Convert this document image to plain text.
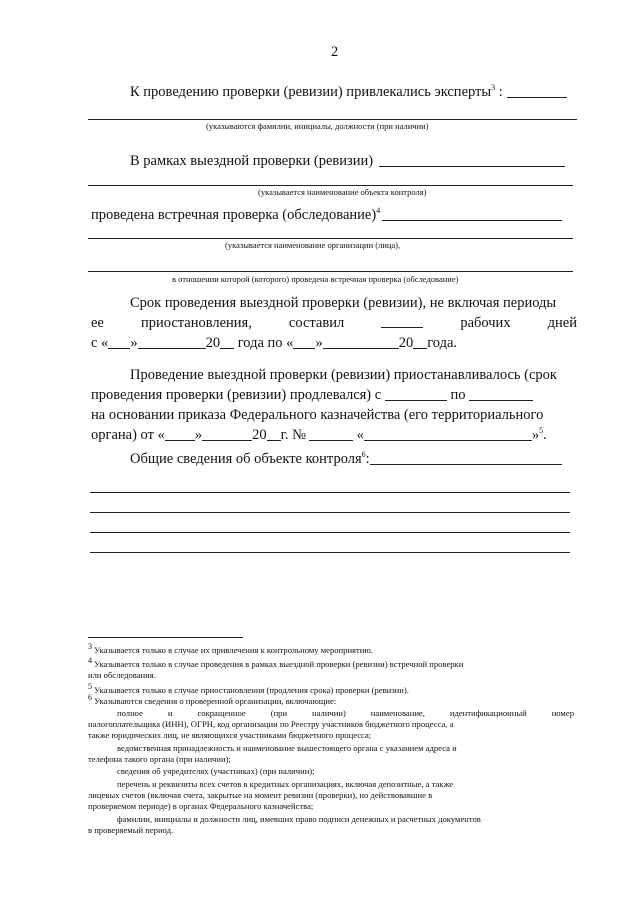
2
К проведению проверки (ревизии) привлекались эксперты$^3$ :
(указываются фамилии, инициалы, должности (при наличии)
В рамках выездной проверки (ревизии)
(указывается наименование объекта контроля)
проведена встречная проверка (обследование)$^4$
(указывается наименование организации (лица),
в отношении которой (которого) проведена встречная проверка (обследование)
Срок проведения выездной проверки (ревизии), не включая периоды
ее	приостановления,	составил	рабочих	дней
с « »	20 года по « »	20 года.
Проведение выездной проверки (ревизии) приостанавливалось (срок
проведения проверки (ревизии) продлевался) с	по
на основании приказа Федерального казначейства (его территориального
органа) от « »	20 г. №	«	»$^5$.
Общие сведения об объекте контроля$^6$:
$^3$ Указывается только в случае их привлечения к контрольному мероприятию.
$^4$ Указывается только в случае проведения в рамках выездной проверки (ревизии) встречной проверки
или обследования.
$^5$ Указывается только в случае приостановления (продления срока) проверки (ревизии).
$^6$ Указываются сведения о проверенной организации, включающие:
полное	и	сокращенное	(при	наличии)	наименование,	идентификационный	номер
налогоплательщика (ИНН), ОГРН, код организации по Реестру участников бюджетного процесса, а
также юридических лиц, не являющихся участниками бюджетного процесса;
ведомственная принадлежность и наименование вышестоящего органа с указанием адреса и
телефона такого органа (при наличии);
сведения об учредителях (участниках) (при наличии);
перечень и реквизиты всех счетов в кредитных организациях, включая депозитные, а также
лицевых счетов (включая счета, закрытые на момент ревизии (проверки), но действовавшие в
проверяемом периоде) в органах Федерального казначейства;
фамилии, инициалы и должности лиц, имевших право подписи денежных и расчетных документов
в проверяемый период.
